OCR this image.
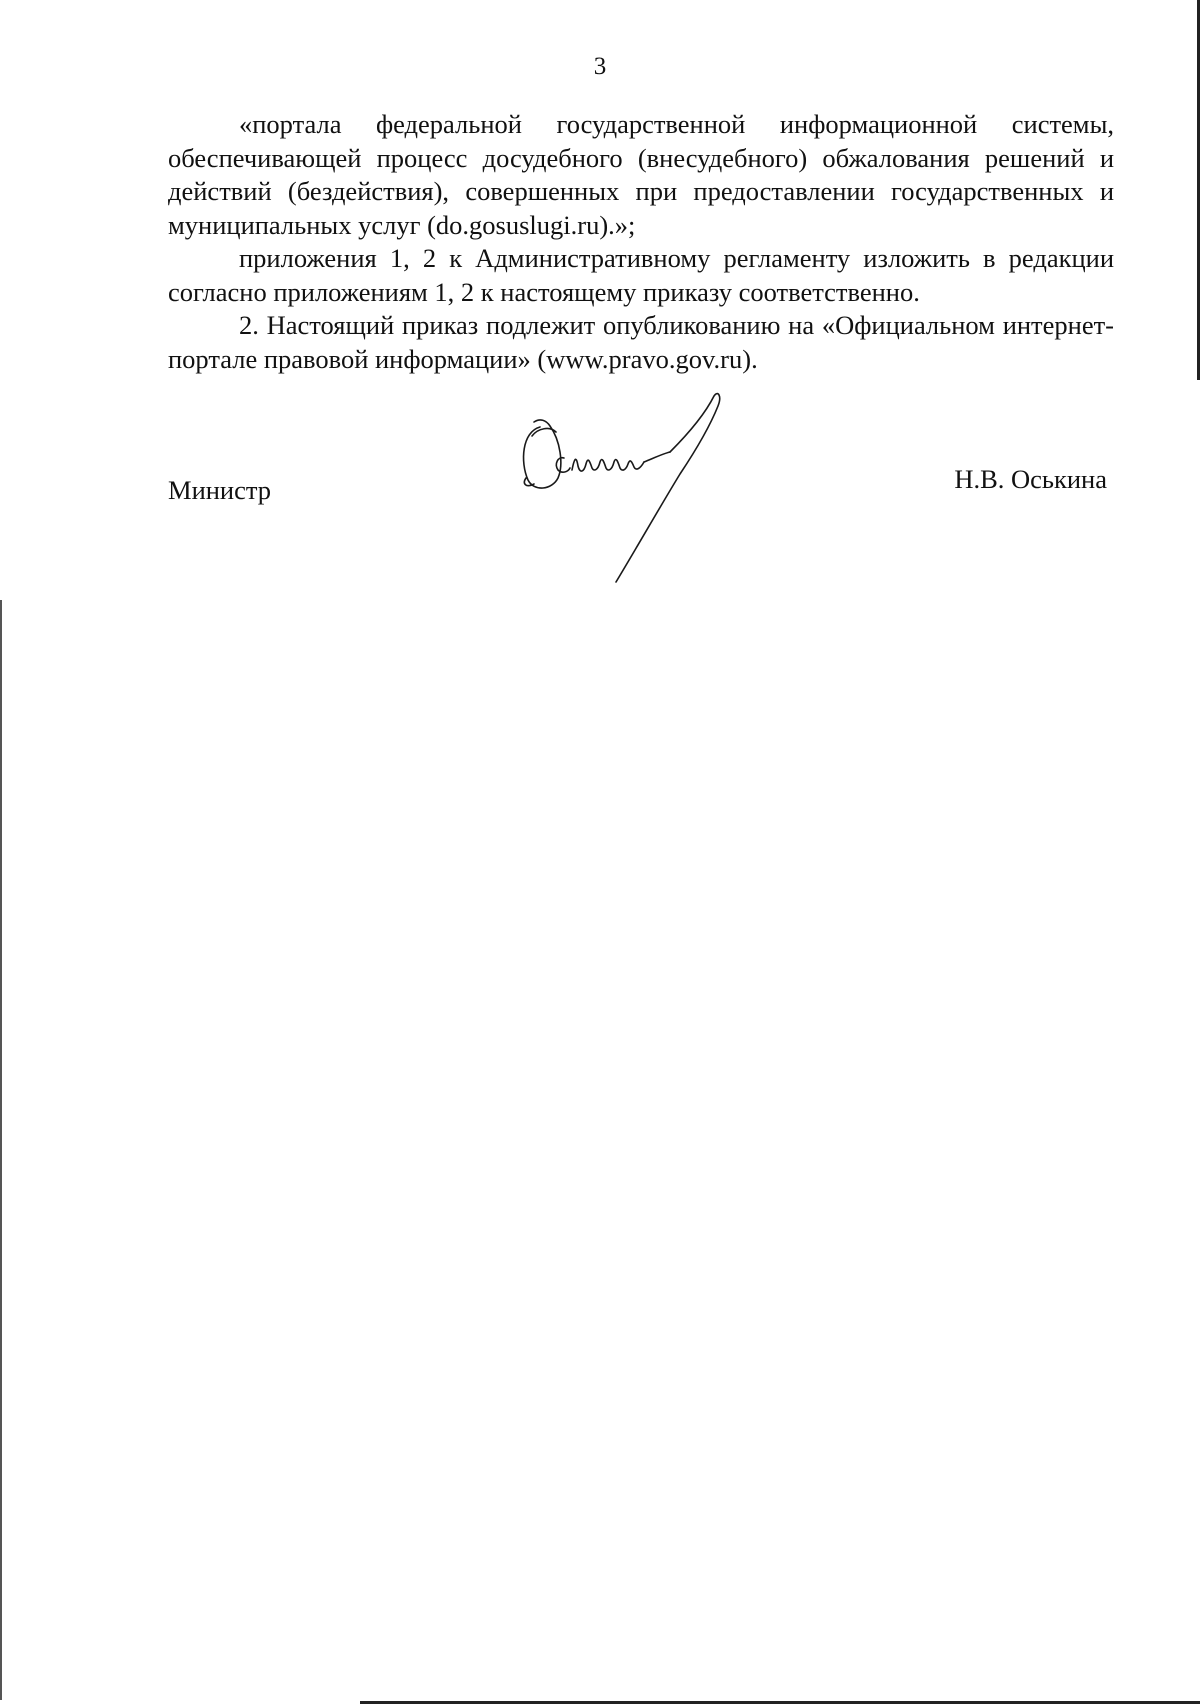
3

«портала федеральной государственной информационной системы, обеспечивающей процесс досудебного (внесудебного) обжалования решений и действий (бездействия), совершенных при предоставлении государственных и муниципальных услуг (do.gosuslugi.ru).»;

приложения 1, 2 к Административному регламенту изложить в редакции согласно приложениям 1, 2 к настоящему приказу соответственно.

2. Настоящий приказ подлежит опубликованию на «Официальном интернет-портале правовой информации» (www.pravo.gov.ru).

Министр	Н.В. Оськина
